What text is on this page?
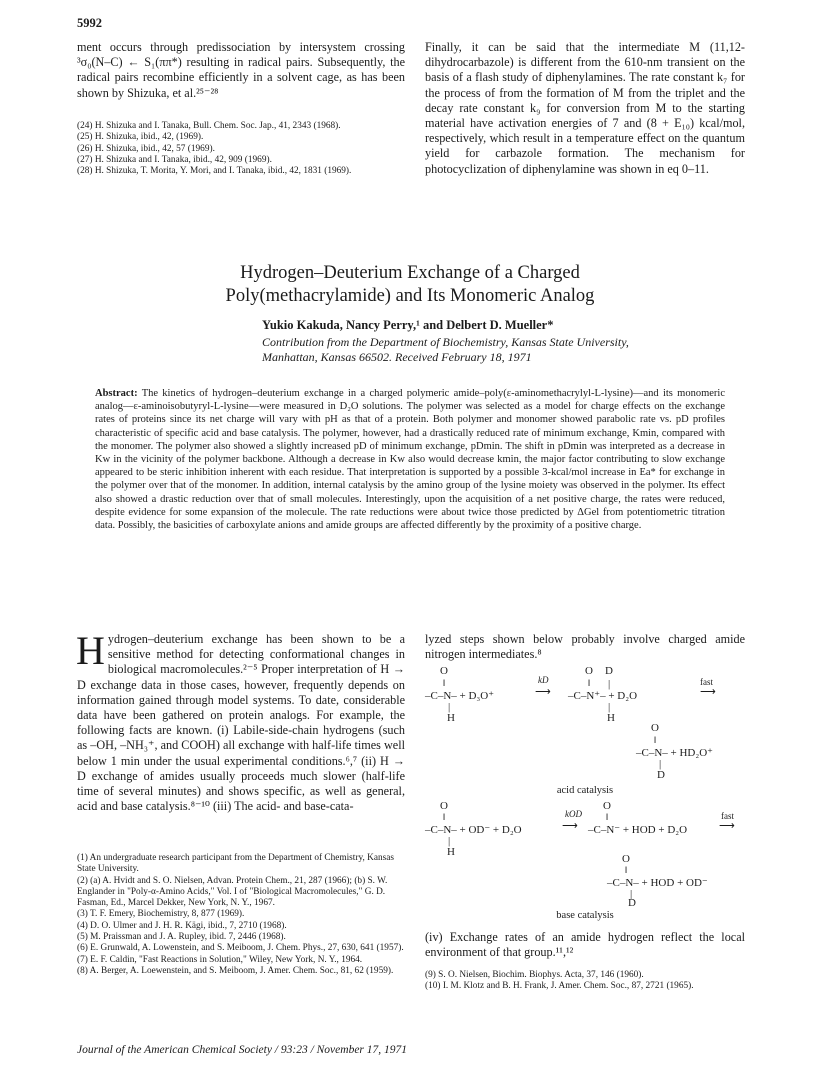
5992

ment occurs through predissociation by intersystem crossing ³σ₀(N–C) ← S₁(ππ*) resulting in radical pairs. Subsequently, the radical pairs recombine efficiently in a solvent cage, as has been shown by Shizuka, et al.²⁵⁻²⁸

(24) H. Shizuka and I. Tanaka, Bull. Chem. Soc. Jap., 41, 2343 (1968).
(25) H. Shizuka, ibid., 42, (1969).
(26) H. Shizuka, ibid., 42, 57 (1969).
(27) H. Shizuka and I. Tanaka, ibid., 42, 909 (1969).
(28) H. Shizuka, T. Morita, Y. Mori, and I. Tanaka, ibid., 42, 1831 (1969).

Finally, it can be said that the intermediate M (11,12-dihydrocarbazole) is different from the 610-nm transient on the basis of a flash study of diphenylamines. The rate constant k₇ for the process of from the formation of M from the triplet and the decay rate constant k₉ for conversion from M to the starting material have activation energies of 7 and (8 + E₁₀) kcal/mol, respectively, which result in a temperature effect on the quantum yield for carbazole formation. The mechanism for photocyclization of diphenylamine was shown in eq 0–11.

Hydrogen–Deuterium Exchange of a Charged
Poly(methacrylamide) and Its Monomeric Analog
Yukio Kakuda, Nancy Perry,¹ and Delbert D. Mueller*
Contribution from the Department of Biochemistry, Kansas State University,
Manhattan, Kansas 66502. Received February 18, 1971
Abstract: The kinetics of hydrogen–deuterium exchange in a charged polymeric amide–poly(ε-aminomethacrylyl-L-lysine)—and its monomeric analog—ε-aminoisobutyryl-L-lysine—were measured in D₂O solutions. The polymer was selected as a model for charge effects on the exchange rates of proteins since its net charge will vary with pH as that of a protein. Both polymer and monomer showed parabolic rate vs. pD profiles characteristic of specific acid and base catalysis. The polymer, however, had a drastically reduced rate of minimum exchange, Kmin, compared with the monomer. The polymer also showed a slightly increased pD of minimum exchange, pDmin. The shift in pDmin was interpreted as a decrease in Kw in the vicinity of the polymer backbone. Although a decrease in Kw also would decrease kmin, the major factor contributing to slow exchange appeared to be steric inhibition inherent with each residue. That interpretation is supported by a possible 3-kcal/mol increase in Ea* for exchange in the polymer over that of the monomer. In addition, internal catalysis by the amino group of the lysine moiety was observed in the polymer. Its effect also showed a drastic reduction over that of small molecules. Interestingly, upon the acquisition of a net positive charge, the rates were reduced, despite evidence for some expansion of the molecule. The rate reductions were about twice those predicted by ΔGel from potentiometric titration data. Possibly, the basicities of carboxylate anions and amide groups are affected differently by the proximity of a positive charge.
H ydrogen–deuterium exchange has been shown to be a sensitive method for detecting conformational changes in biological macromolecules.²⁻⁵ Proper interpretation of H → D exchange data in those cases, however, frequently depends on information gained through model systems. To date, considerable data have been gathered on protein analogs. For example, the following facts are known. (i) Labile-side-chain hydrogens (such as –OH, –NH₃⁺, and COOH) all exchange with half-life times well below 1 min under the usual experimental conditions.⁶,⁷ (ii) H → D exchange of amides usually proceeds much slower (half-life time of several minutes) and shows specific, as well as general, acid and base catalysis.⁸⁻¹⁰ (iii) The acid- and base-cata-
(1) An undergraduate research participant from the Department of Chemistry, Kansas State University.
(2) (a) A. Hvidt and S. O. Nielsen, Advan. Protein Chem., 21, 287 (1966); (b) S. W. Englander in "Poly-α-Amino Acids," Vol. I of "Biological Macromolecules," G. D. Fasman, Ed., Marcel Dekker, New York, N. Y., 1967.
(3) T. F. Emery, Biochemistry, 8, 877 (1969).
(4) D. O. Ulmer and J. H. R. Kägi, ibid., 7, 2710 (1968).
(5) M. Praissman and J. A. Rupley, ibid. 7, 2446 (1968).
(6) E. Grunwald, A. Lowenstein, and S. Meiboom, J. Chem. Phys., 27, 630, 641 (1957).
(7) E. F. Caldin, "Fast Reactions in Solution," Wiley, New York, N. Y., 1964.
(8) A. Berger, A. Loewenstein, and S. Meiboom, J. Amer. Chem. Soc., 81, 62 (1959).
lyzed steps shown below probably involve charged amide nitrogen intermediates.⁸
O
‖
–C–N– + D₃O⁺
|
H
kD
⟶
O D
‖ |
–C–N⁺– + D₂O
|
H
fast
⟶
O
‖
–C–N– + HD₂O⁺
|
D
acid catalysis
O
‖
–C–N– + OD⁻ + D₂O
|
H
kOD
⟶
O
‖
–C–N⁻ + HOD + D₂O
fast
⟶
O
‖
–C–N– + HOD + OD⁻
|
D
base catalysis
(iv) Exchange rates of an amide hydrogen reflect the local environment of that group.¹¹,¹²
(9) S. O. Nielsen, Biochim. Biophys. Acta, 37, 146 (1960).
(10) I. M. Klotz and B. H. Frank, J. Amer. Chem. Soc., 87, 2721 (1965).
Journal of the American Chemical Society / 93:23 / November 17, 1971
